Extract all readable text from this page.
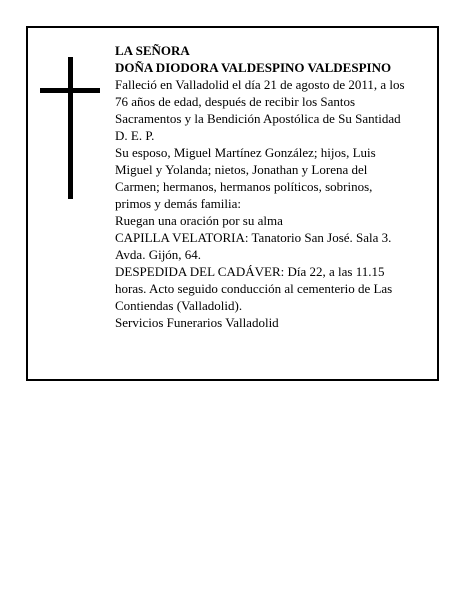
LA SEÑORA
DOÑA DIODORA VALDESPINO VALDESPINO
Falleció en Valladolid el día 21 de agosto de 2011, a los
76 años de edad, después de recibir los Santos
Sacramentos y la Bendición Apostólica de Su Santidad
D. E. P.
Su esposo, Miguel Martínez González; hijos, Luis
Miguel y Yolanda; nietos, Jonathan y Lorena del
Carmen; hermanos, hermanos políticos, sobrinos,
primos y demás familia:
Ruegan una oración por su alma
CAPILLA VELATORIA: Tanatorio San José. Sala 3.
Avda. Gijón, 64.
DESPEDIDA DEL CADÁVER: Día 22, a las 11.15
horas. Acto seguido conducción al cementerio de Las
Contiendas (Valladolid).
Servicios Funerarios Valladolid
